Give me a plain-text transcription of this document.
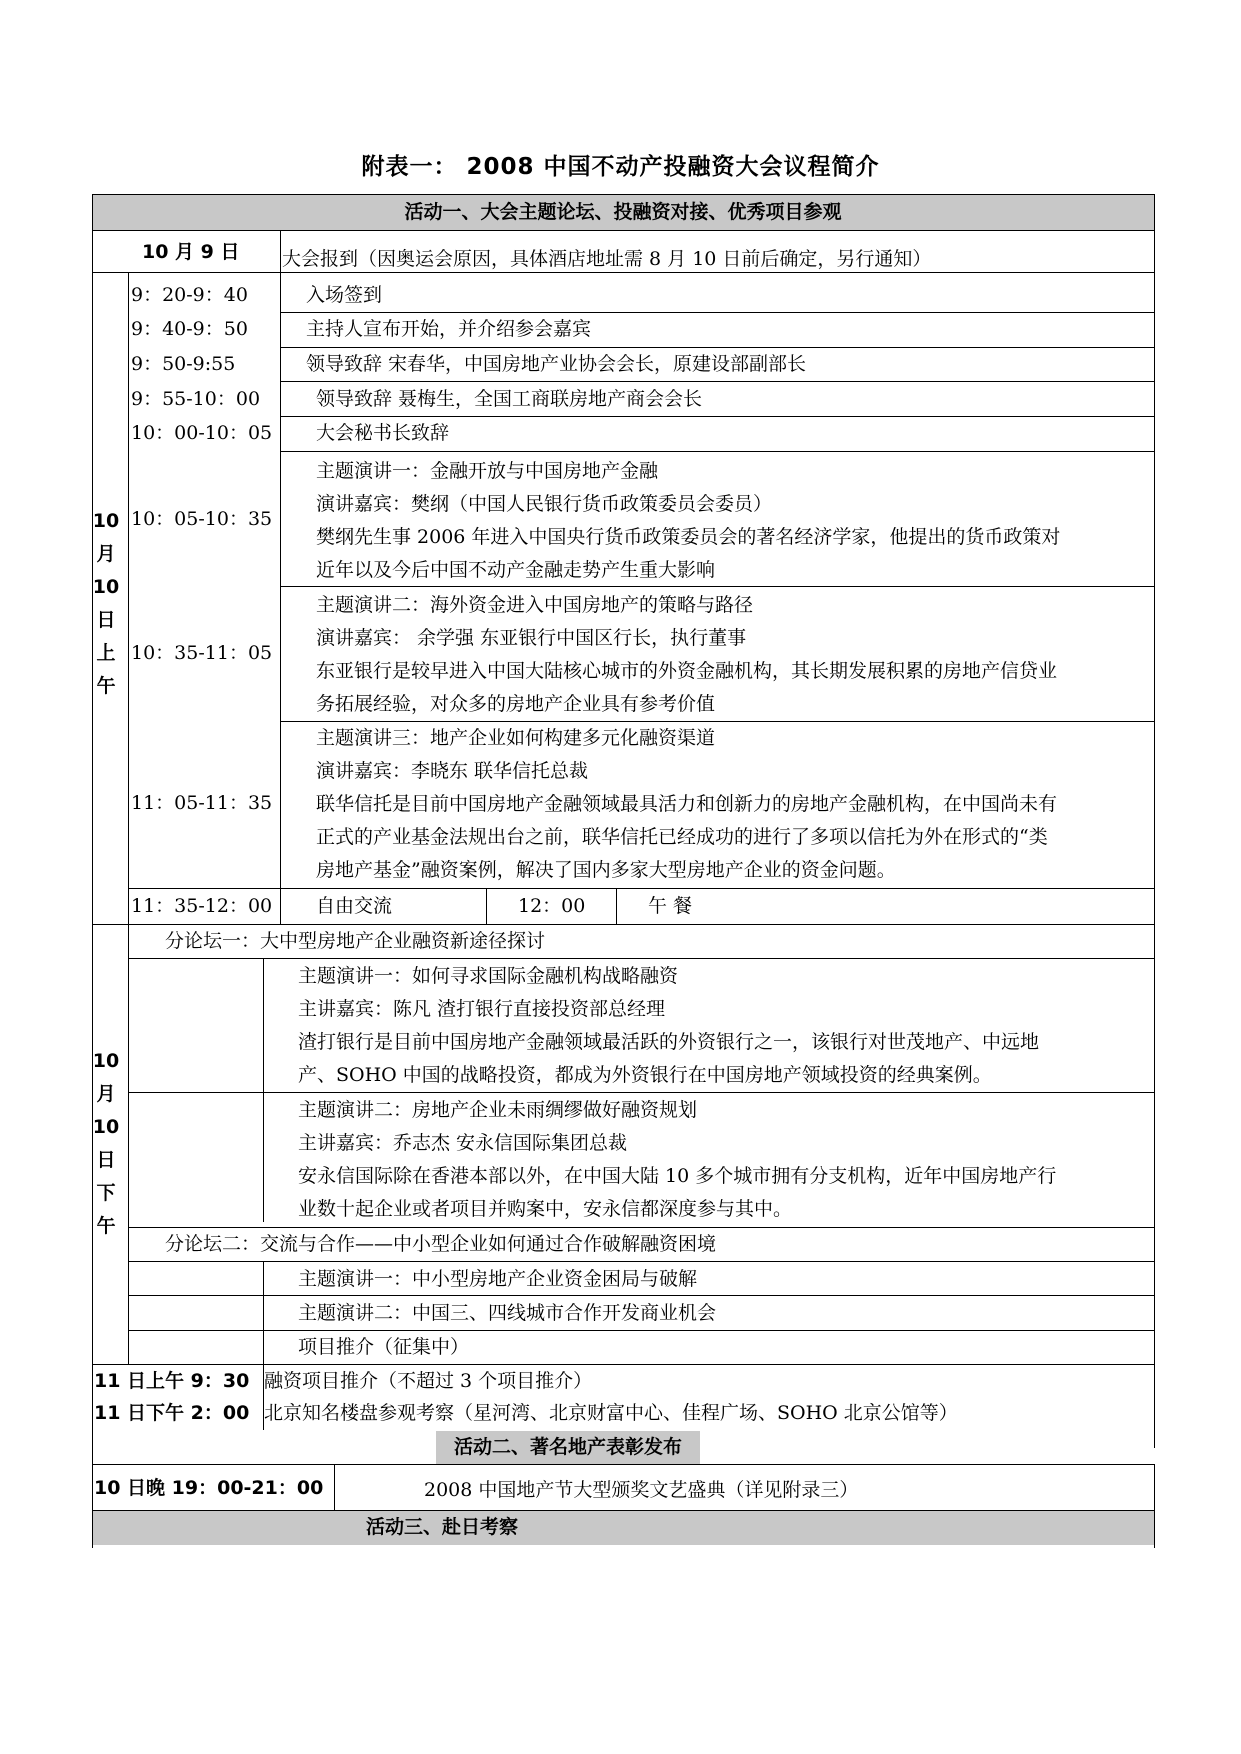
附表一： 2008 中国不动产投融资大会议程简介
活动一、大会主题论坛、投融资对接、优秀项目参观
10 月 9 日 大会报到（因奥运会原因，具体酒店地址需 8 月 10 日前后确定，另行通知）
10
月
10
日
上
午
9：20-9：40	入场签到
9：40-9：50	主持人宣布开始，并介绍参会嘉宾
9：50-9:55	领导致辞 宋春华，中国房地产业协会会长，原建设部副部长
9：55-10：00	领导致辞 聂梅生，全国工商联房地产商会会长
10：00-10：05 大会秘书长致辞
10：05-10：35
主题演讲一：金融开放与中国房地产金融
演讲嘉宾：樊纲（中国人民银行货币政策委员会委员）
樊纲先生事 2006 年进入中国央行货币政策委员会的著名经济学家，他提出的货币政策对
近年以及今后中国不动产金融走势产生重大影响
10：35-11：05
主题演讲二：海外资金进入中国房地产的策略与路径
演讲嘉宾： 余学强 东亚银行中国区行长，执行董事
东亚银行是较早进入中国大陆核心城市的外资金融机构，其长期发展积累的房地产信贷业
务拓展经验，对众多的房地产企业具有参考价值
11：05-11：35
主题演讲三：地产企业如何构建多元化融资渠道
演讲嘉宾：李晓东 联华信托总裁
联华信托是目前中国房地产金融领域最具活力和创新力的房地产金融机构，在中国尚未有
正式的产业基金法规出台之前，联华信托已经成功的进行了多项以信托为外在形式的“类
房地产基金”融资案例，解决了国内多家大型房地产企业的资金问题。
11：35-12：00 自由交流	12：00	午 餐
10
月
10
日
下
午
分论坛一：大中型房地产企业融资新途径探讨
主题演讲一：如何寻求国际金融机构战略融资
主讲嘉宾：陈凡 渣打银行直接投资部总经理
渣打银行是目前中国房地产金融领域最活跃的外资银行之一，该银行对世茂地产、中远地
产、SOHO 中国的战略投资，都成为外资银行在中国房地产领域投资的经典案例。
主题演讲二：房地产企业未雨绸缪做好融资规划
主讲嘉宾：乔志杰 安永信国际集团总裁
安永信国际除在香港本部以外，在中国大陆 10 多个城市拥有分支机构，近年中国房地产行
业数十起企业或者项目并购案中，安永信都深度参与其中。
分论坛二：交流与合作——中小型企业如何通过合作破解融资困境
主题演讲一：中小型房地产企业资金困局与破解
主题演讲二：中国三、四线城市合作开发商业机会
项目推介（征集中）
11 日上午 9：30 融资项目推介（不超过 3 个项目推介）
11 日下午 2：00 北京知名楼盘参观考察（星河湾、北京财富中心、佳程广场、SOHO 北京公馆等）
活动二、著名地产表彰发布
10 日晚 19：00-21：00	2008 中国地产节大型颁奖文艺盛典（详见附录三）
活动三、赴日考察
